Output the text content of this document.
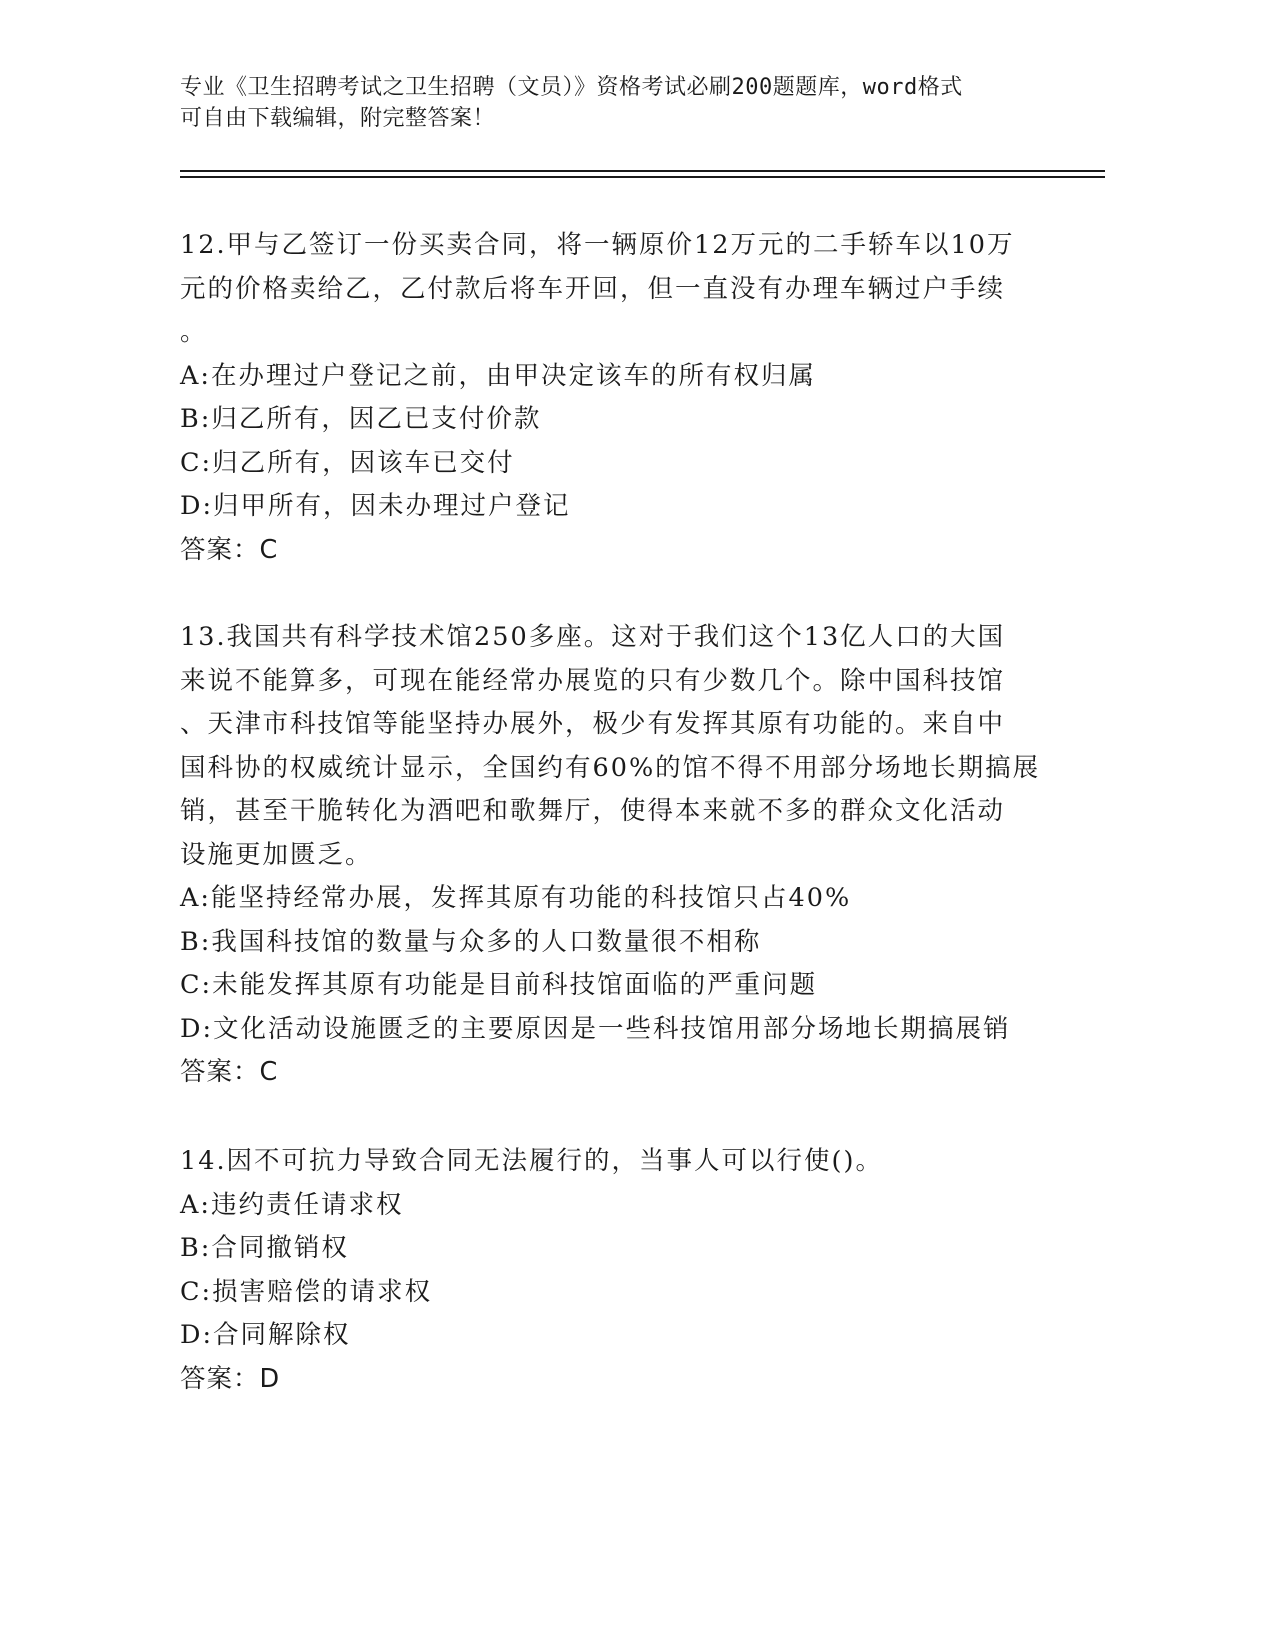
专业《卫生招聘考试之卫生招聘（文员）》资格考试必刷200题题库，word格式
可自由下载编辑，附完整答案！
12.甲与乙签订一份买卖合同，将一辆原价12万元的二手轿车以10万
元的价格卖给乙，乙付款后将车开回，但一直没有办理车辆过户手续
。
A:在办理过户登记之前，由甲决定该车的所有权归属
B:归乙所有，因乙已支付价款
C:归乙所有，因该车已交付
D:归甲所有，因未办理过户登记
答案：C
13.我国共有科学技术馆250多座。这对于我们这个13亿人口的大国
来说不能算多，可现在能经常办展览的只有少数几个。除中国科技馆
、天津市科技馆等能坚持办展外，极少有发挥其原有功能的。来自中
国科协的权威统计显示，全国约有60%的馆不得不用部分场地长期搞展
销，甚至干脆转化为酒吧和歌舞厅，使得本来就不多的群众文化活动
设施更加匮乏。
A:能坚持经常办展，发挥其原有功能的科技馆只占40%
B:我国科技馆的数量与众多的人口数量很不相称
C:未能发挥其原有功能是目前科技馆面临的严重问题
D:文化活动设施匮乏的主要原因是一些科技馆用部分场地长期搞展销
答案：C
14.因不可抗力导致合同无法履行的，当事人可以行使()。
A:违约责任请求权
B:合同撤销权
C:损害赔偿的请求权
D:合同解除权
答案：D
